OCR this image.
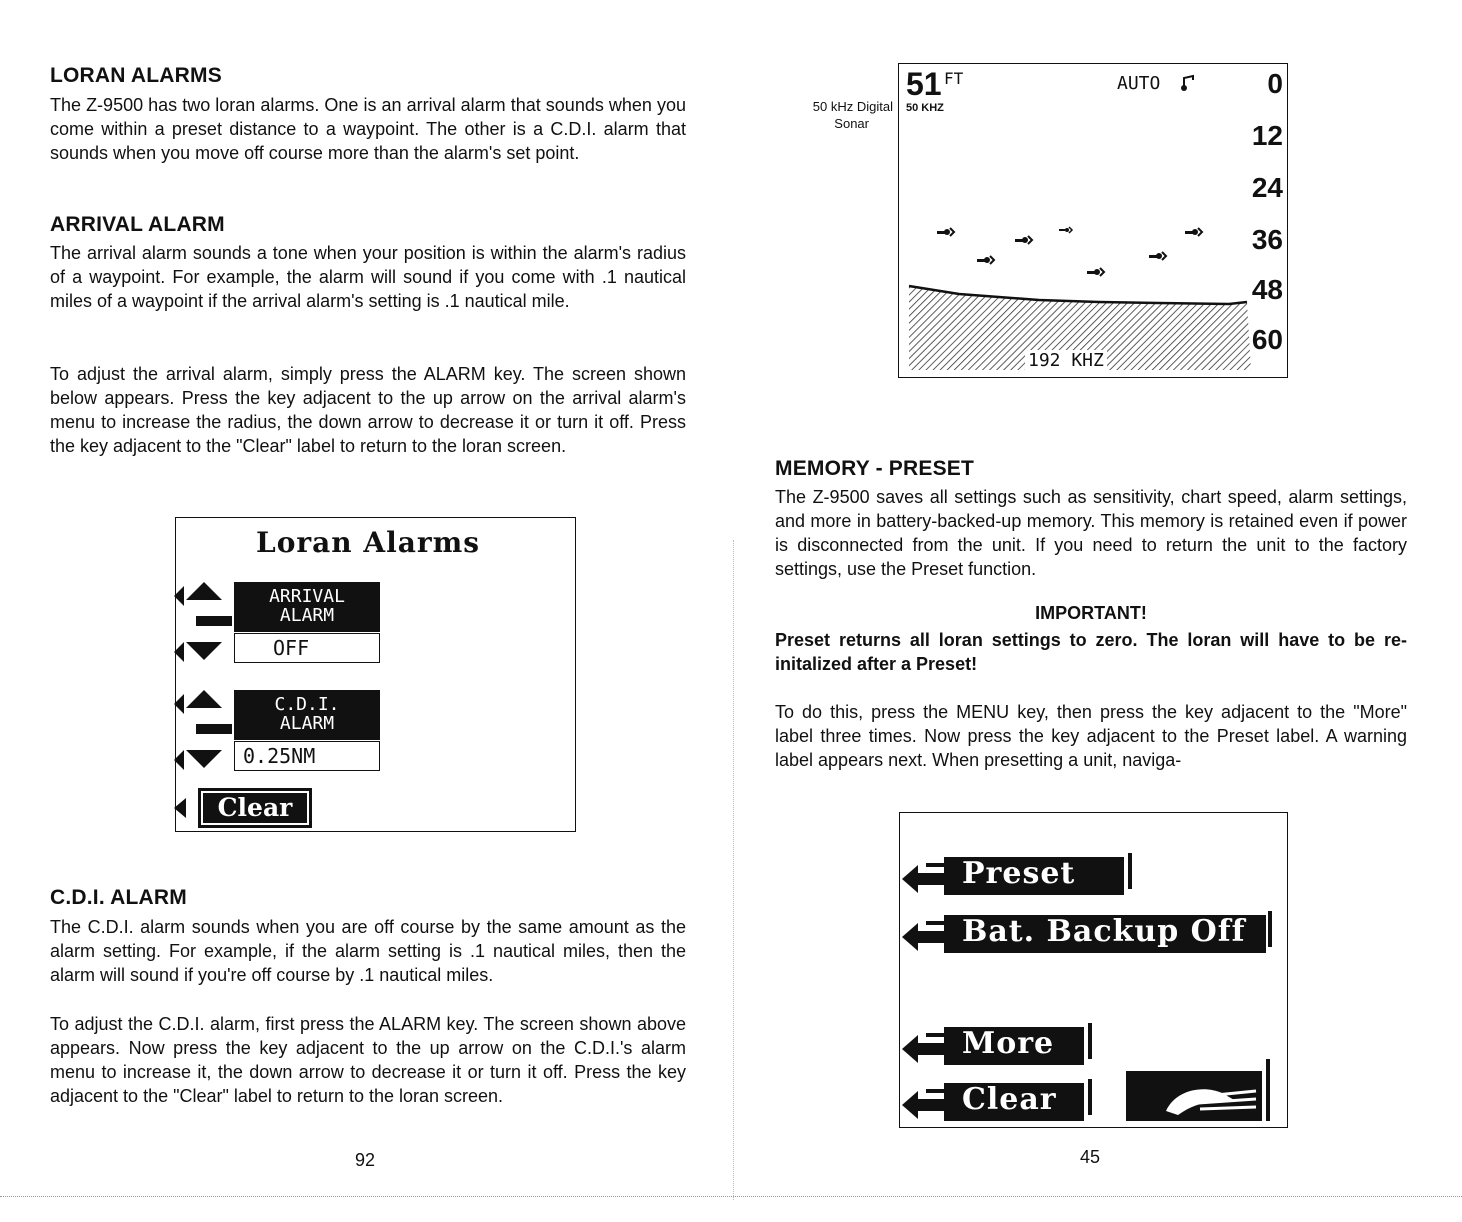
LORAN ALARMS

The Z-9500 has two loran alarms. One is an arrival alarm that sounds when you come within a preset distance to a waypoint. The other is a C.D.I. alarm that sounds when you move off course more than the alarm's set point.

ARRIVAL ALARM

The arrival alarm sounds a tone when your position is within the alarm's radius of a waypoint. For example, the alarm will sound if you come with .1 nautical miles of a waypoint if the arrival alarm's setting is .1 nautical mile.

To adjust the arrival alarm, simply press the ALARM key. The screen shown below appears. Press the key adjacent to the up arrow on the arrival alarm's menu to increase the radius, the down arrow to decrease it or turn it off. Press the key adjacent to the "Clear" label to return to the loran screen.

Loran Alarms
ARRIVAL
ALARM
OFF
C.D.I.
ALARM
0.25NM
Clear
C.D.I. ALARM

The C.D.I. alarm sounds when you are off course by the same amount as the alarm setting. For example, if the alarm setting is .1 nautical miles, then the alarm will sound if you're off course by .1 nautical miles.

To adjust the C.D.I. alarm, first press the ALARM key. The screen shown above appears. Now press the key adjacent to the up arrow on the C.D.I.'s alarm menu to increase it, the down arrow to decrease it or turn it off. Press the key adjacent to the "Clear" label to return to the loran screen.

92
50 kHz Digital
Sonar
51 FT
50 KHZ
AUTO	0
12
24
36
48
60
192 KHZ
MEMORY - PRESET

The Z-9500 saves all settings such as sensitivity, chart speed, alarm settings, and more in battery-backed-up memory. This memory is retained even if power is disconnected from the unit. If you need to return the unit to the factory settings, use the Preset function.

IMPORTANT!

Preset returns all loran settings to zero. The loran will have to be re-initalized after a Preset!

To do this, press the MENU key, then press the key adjacent to the "More" label three times. Now press the key adjacent to the Preset label. A warning label appears next. When presetting a unit, naviga-

Preset
Bat. Backup Off
More
Clear
45
